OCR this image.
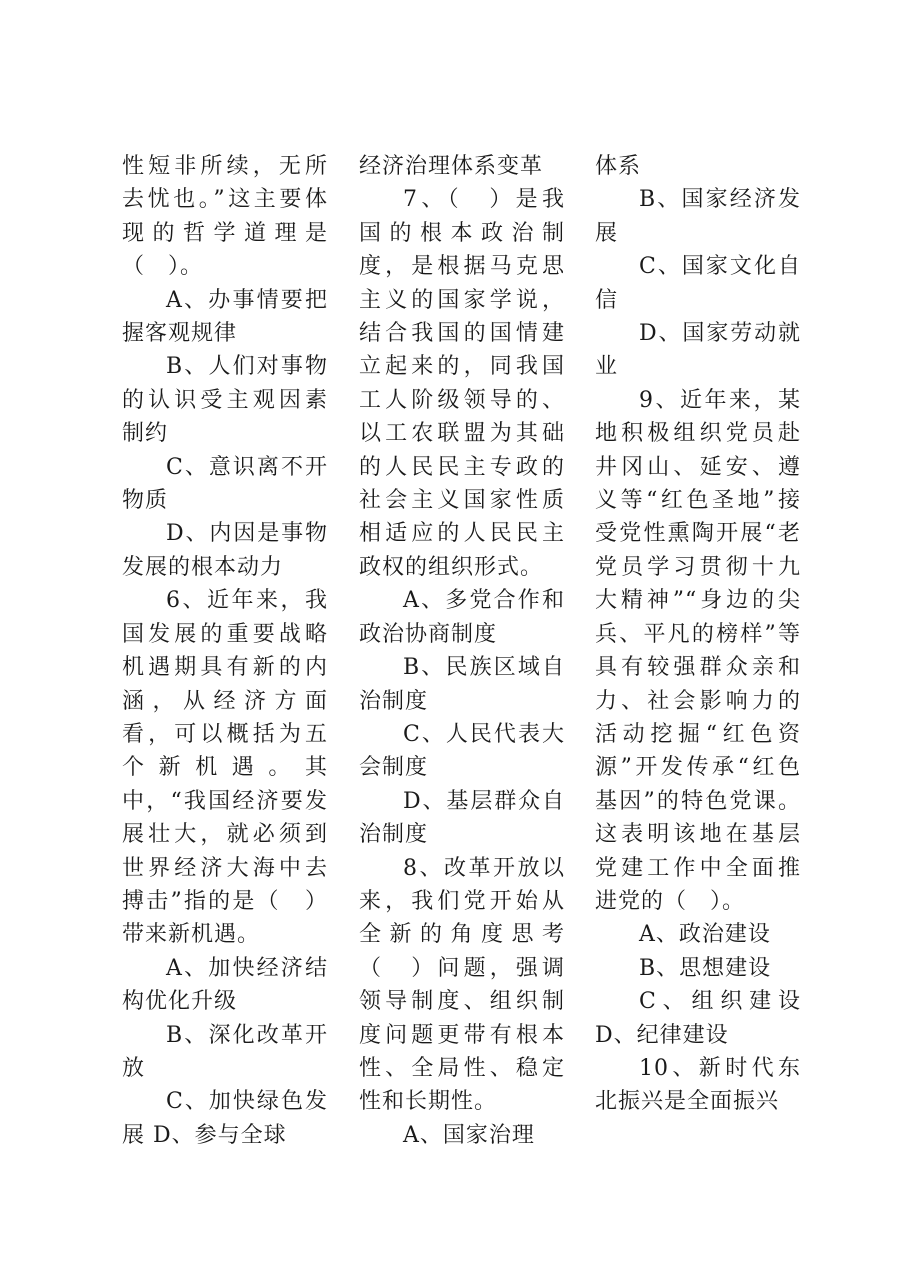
性短非所续，无所去忧也。”这主要体现的哲学道理是（　）。

A、办事情要把握客观规律

B、人们对事物的认识受主观因素制约

C、意识离不开物质

D、内因是事物发展的根本动力

6、近年来，我国发展的重要战略机遇期具有新的内涵，从经济方面看，可以概括为五个新机遇。其中，“我国经济要发展壮大，就必须到世界经济大海中去搏击”指的是（　）带来新机遇。

A、加快经济结构优化升级

B、深化改革开放

C、加快绿色发展 D、参与全球

经济治理体系变革

7、（　）是我国的根本政治制度，是根据马克思主义的国家学说，结合我国的国情建立起来的，同我国工人阶级领导的、以工农联盟为其础的人民民主专政的社会主义国家性质相适应的人民民主政权的组织形式。

A、多党合作和政治协商制度

B、民族区域自治制度

C、人民代表大会制度

D、基层群众自治制度

8、改革开放以来，我们党开始从全新的角度思考（　）问题，强调领导制度、组织制度问题更带有根本性、全局性、稳定性和长期性。

A、国家治理

体系

B、国家经济发展

C、国家文化自信

D、国家劳动就业

9、近年来，某地积极组织党员赴井冈山、延安、遵义等“红色圣地”接受党性熏陶开展“老党员学习贯彻十九大精神”“身边的尖兵、平凡的榜样”等具有较强群众亲和力、社会影响力的活动挖掘“红色资源”开发传承“红色基因”的特色党课。这表明该地在基层党建工作中全面推进党的（　）。

A、政治建设

B、思想建设

C、组织建设 D、纪律建设

10、新时代东北振兴是全面振兴
